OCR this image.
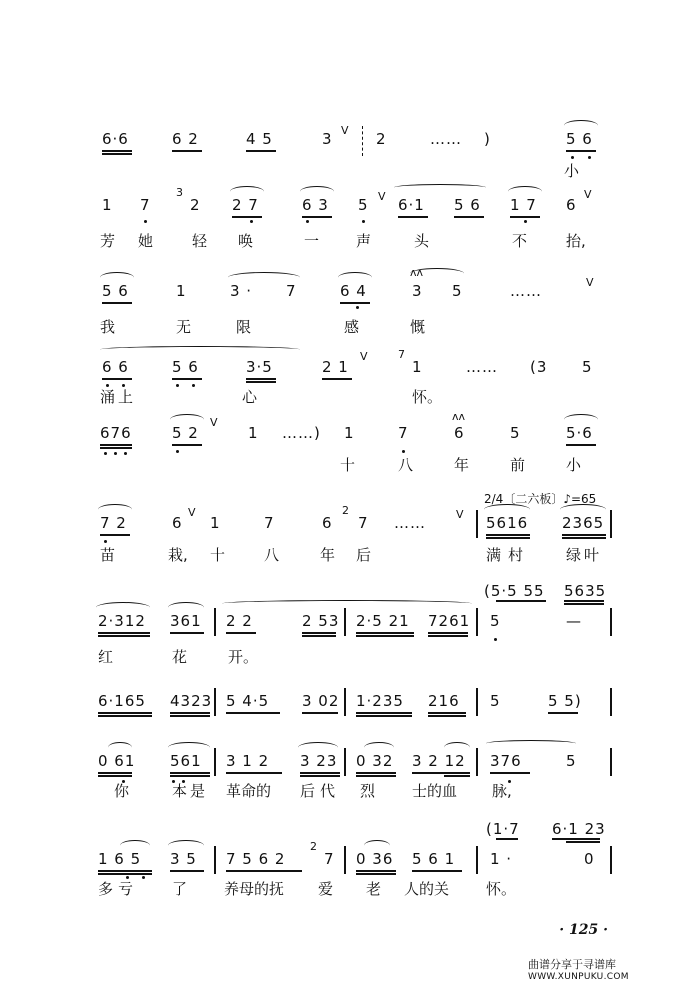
6·6	6 2	4 5	3 V 2	…… )	5 6
小
1 7
3
2 2 7	6 3 5 V 6·1 5 6 1 7 6
V
芳 她	轻 唤	一 声	头	不	抬,
5 6	1	3 · 7	6 4	3 5	……	V
ʌʌ
我	无	限	感	慨
6 6	5 6	3·5	2 1
V	7
1	…… (3 5
涌 上	心	怀。
676	5 2
V
1 ……) 1	7	6	5	5·6
ʌʌ
十	八	年	前	小
2/4〔二六板〕♪=65
7 2	6
V
1	7	6
2
7 ……	V 5616 2365
苗	栽, 十	八	年 后	满 村	绿 叶
(5·5 55 5635
2·312 361 2 2	2 53 2·5 21 7261 5	—
红	花	开。
6·165 4323 5 4·5 3 02 1·235 216 5	5 5)
0 61 561 3 1 2 3 23 0 32 3 2 12 376	5
你	本 是 革命的 后 代 烈 士的血 脉,
(1·7 6·1 23
1 6 5 3 5 7 5 6 2
2
7 0 36 5 6 1 1 ·	0
多 亏	了 养母的抚 爱 老 人的关 怀。
· 125 ·
曲谱分享于寻谱库
WWW.XUNPUKU.COM
